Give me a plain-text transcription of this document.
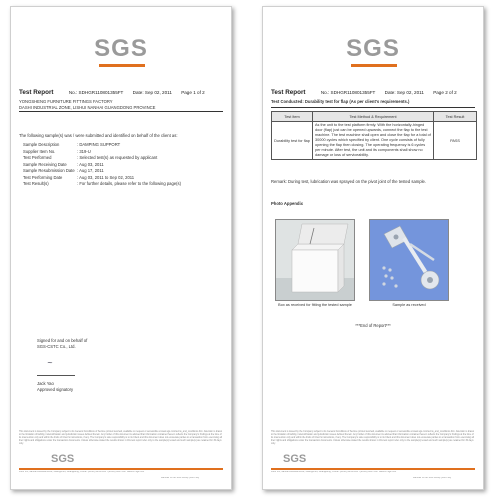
SGS
Test Report	No.: SDHGR110801355FT Date: Sep 02, 2011 Page 1 of 2
YONGSHENG FURNITURE FITTINGS FACTORY
DASHI INDUSTRIAL ZONE, LISHUI NANHAI GUANGDONG PROVINCE
The following sample(s) was / were submitted and identified on behalf of the client as:
Sample Description	: DAMPING SUPPORT
Supplier Item No.	: 319-U
Test Performed	: Selected test(s) as requested by applicant
Sample Receiving Date : Aug 03, 2011
Sample Resubmission Date : Aug 17, 2011
Test Performing Date	: Aug 03, 2011 to Sep 02, 2011
Test Result(s)	: For further details, please refer to the following page(s)
Signed for and on behalf of
SGS-CSTC Co., Ltd.
~
Jack Yao
Approved signatory
This document is issued by the Company subject to its General Conditions of Service printed overleaf, available on request or accessible at www.sgs.com/terms_and_conditions.htm. Attention is drawn to the limitation of liability, indemnification and jurisdiction issues defined therein. Any holder of this document is advised that information contained hereon reflects the Company's findings at the time of its intervention only and within the limits of Client's instructions, if any. The Company's sole responsibility is to its Client and this document does not exonerate parties to a transaction from exercising all their rights and obligations under the transaction documents. Unless otherwise stated the results shown in this test report refer only to the sample(s) tested and such sample(s) are retained for 30 days only.
SGS
Floor 3/F, Nanhai Industrial Zone, Guangzhou, Guangdong, China t (86-20) 82155555 f (86-20) 82075137 www.cn.sgs.com
Member of the SGS Group (SGS SA)
SGS
Test Report	No.: SDHGR110801355FT Date: Sep 02, 2011 Page 2 of 2
Test Conducted: Durability test for flap (As per client's requirements.)
Test Item	Test Method & Requirement	Test Result
Durability test for flap	As the unit to the test platform firmly. With the horizontally-hinged door (flap) just can be opened upwards, connect the flap to the test machine. The test machine shall open and close the flap for a total of 30000 cycles which specified by client. One cycle consists of fully opening the flap then closing. The operating frequency is 6 cycles per minute. After test, the unit and its components shall show no damage or loss of serviceability.	PASS
Remark: During test, lubrication was sprayed on the pivot joint of the tested sample.
Photo Appendix
Box as received for fitting the tested sample	Sample as received
***End of Report***
This document is issued by the Company subject to its General Conditions of Service printed overleaf, available on request or accessible at www.sgs.com/terms_and_conditions.htm. Attention is drawn to the limitation of liability, indemnification and jurisdiction issues defined therein. Any holder of this document is advised that information contained hereon reflects the Company's findings at the time of its intervention only and within the limits of Client's instructions, if any. The Company's sole responsibility is to its Client and this document does not exonerate parties to a transaction from exercising all their rights and obligations under the transaction documents. Unless otherwise stated the results shown in this test report refer only to the sample(s) tested and such sample(s) are retained for 30 days only.
SGS
Floor 3/F, Nanhai Industrial Zone, Guangzhou, Guangdong, China t (86-20) 82155555 f (86-20) 82075137 www.cn.sgs.com
Member of the SGS Group (SGS SA)
